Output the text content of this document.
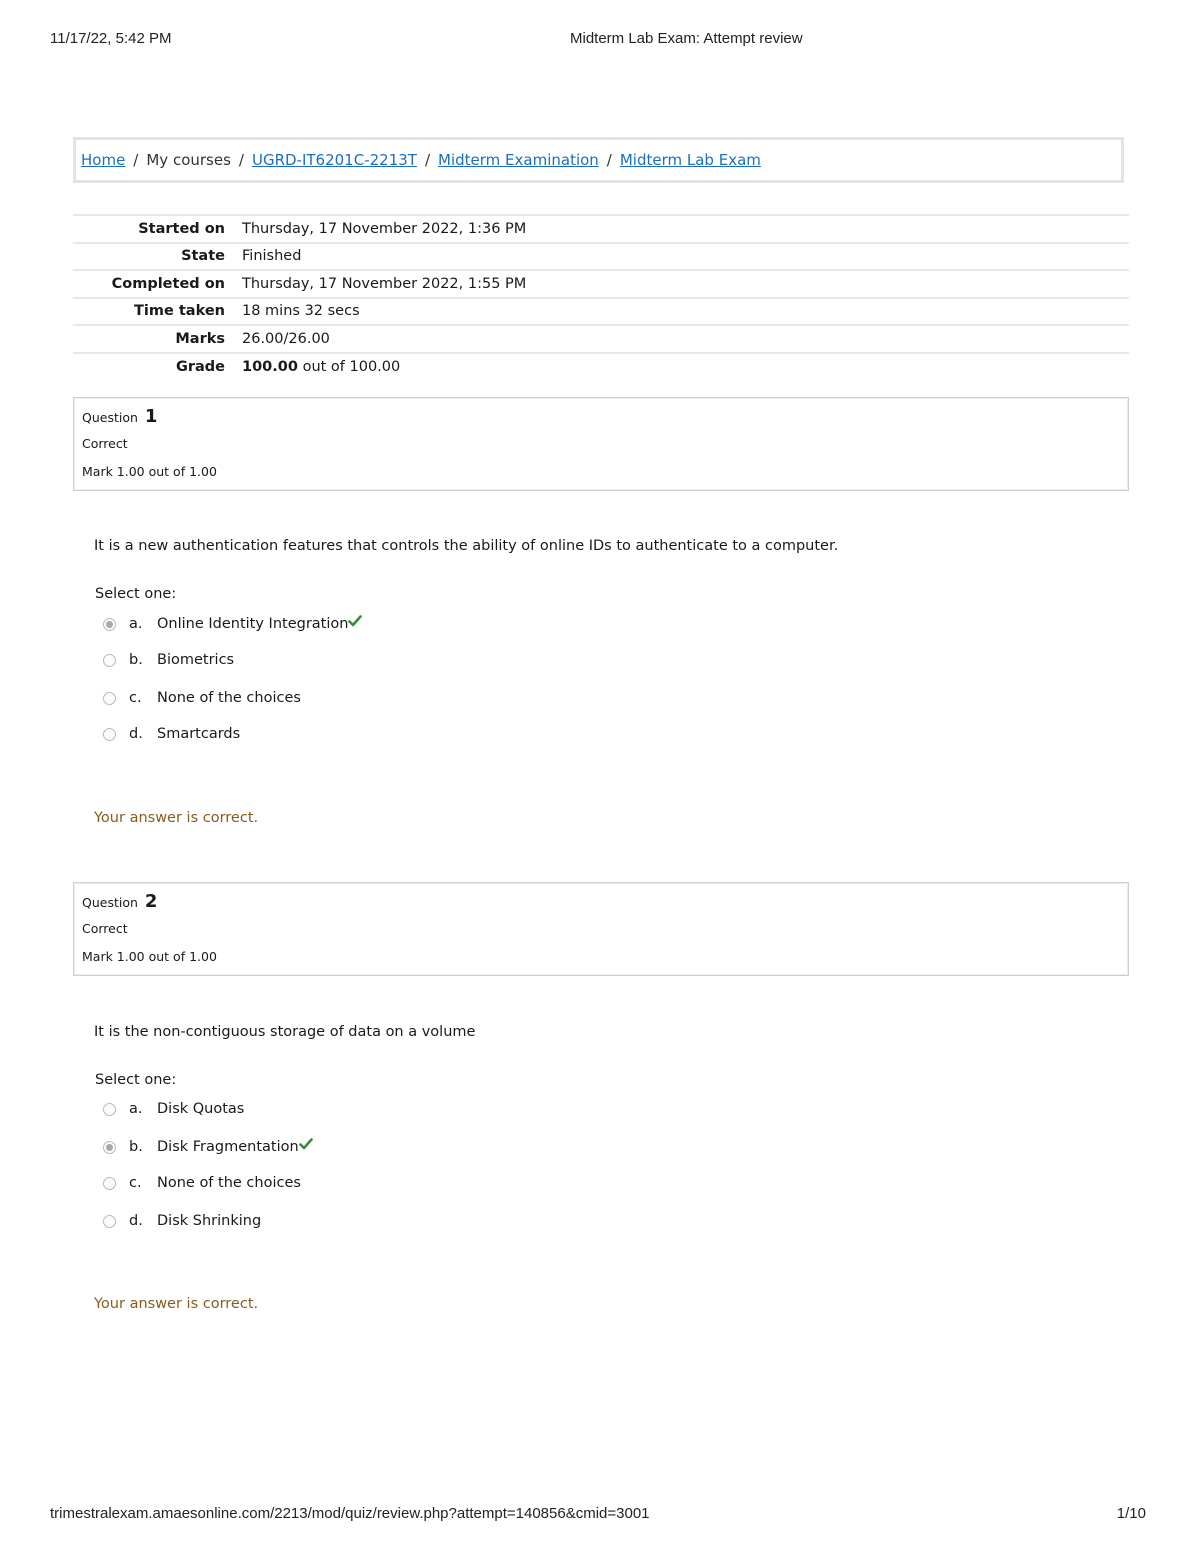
11/17/22, 5:42 PM	Midterm Lab Exam: Attempt review
Home / My courses / UGRD-IT6201C-2213T / Midterm Examination / Midterm Lab Exam
Started on	Thursday, 17 November 2022, 1:36 PM
State	Finished
Completed on	Thursday, 17 November 2022, 1:55 PM
Time taken	18 mins 32 secs
Marks	26.00/26.00
Grade	100.00 out of 100.00
Question 1
Correct
Mark 1.00 out of 1.00
It is a new authentication features that controls the ability of online IDs to authenticate to a computer.
Select one:
a.	Online Identity Integration
b. Biometrics
c.	None of the choices
d. Smartcards
Your answer is correct.
Question 2
Correct
Mark 1.00 out of 1.00
It is the non-contiguous storage of data on a volume
Select one:
a.	Disk Quotas
b. Disk Fragmentation
c.	None of the choices
d. Disk Shrinking
Your answer is correct.
trimestralexam.amaesonline.com/2213/mod/quiz/review.php?attempt=140856&cmid=3001	1/10
